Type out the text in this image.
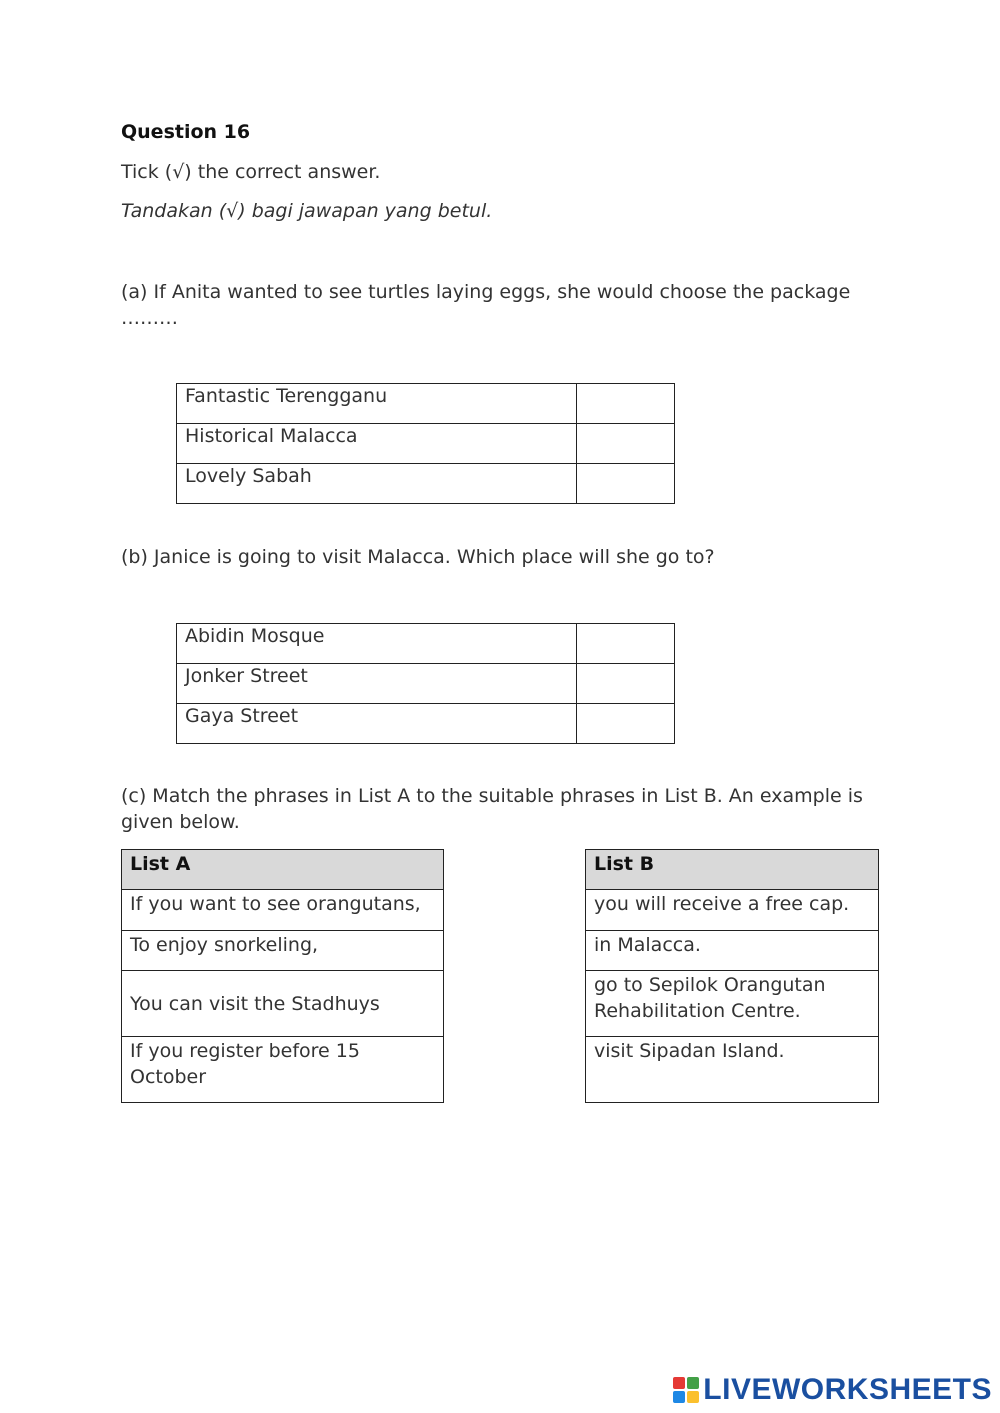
Question 16
Tick (√) the correct answer.
Tandakan (√) bagi jawapan yang betul.
(a) If Anita wanted to see turtles laying eggs, she would choose the package ………
Fantastic Terengganu	
Historical Malacca	
Lovely Sabah	
(b) Janice is going to visit Malacca. Which place will she go to?
Abidin Mosque	
Jonker Street	
Gaya Street	
(c) Match the phrases in List A to the suitable phrases in List B. An example is given below.
List A
If you want to see orangutans,
To enjoy snorkeling,
You can visit the Stadhuys
If you register before 15 October
List B
you will receive a free cap.
in Malacca.
go to Sepilok Orangutan Rehabilitation Centre.
visit Sipadan Island.
LIVEWORKSHEETS
